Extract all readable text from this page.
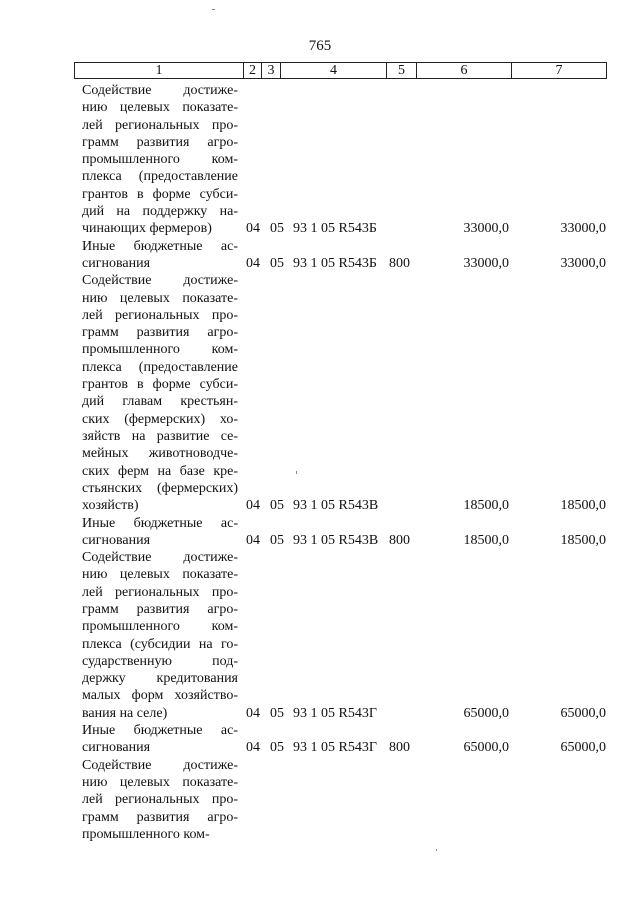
765
1	2 3	4	5	6	7
Содействие достиже-
нию целевых показате-
лей региональных про-
грамм развития агро-
промышленного ком-
плекса (предоставление
грантов в форме субси-
дий на поддержку на-
чинающих фермеров)	04 05 93 1 05 R543Б	33000,0	33000,0
Иные бюджетные ас-
сигнования	04 05 93 1 05 R543Б 800	33000,0	33000,0
Содействие достиже-
нию целевых показате-
лей региональных про-
грамм развития агро-
промышленного ком-
плекса (предоставление
грантов в форме субси-
дий главам крестьян-
ских (фермерских) хо-
зяйств на развитие се-
мейных животноводче-
ских ферм на базе кре-
стьянских (фермерских)
хозяйств)	04 05 93 1 05 R543В	18500,0	18500,0
Иные бюджетные ас-
сигнования	04 05 93 1 05 R543В 800	18500,0	18500,0
Содействие достиже-
нию целевых показате-
лей региональных про-
грамм развития агро-
промышленного ком-
плекса (субсидии на го-
сударственную под-
держку кредитования
малых форм хозяйство-
вания на селе)	04 05 93 1 05 R543Г	65000,0	65000,0
Иные бюджетные ас-
сигнования	04 05 93 1 05 R543Г 800	65000,0	65000,0
Содействие достиже-
нию целевых показате-
лей региональных про-
грамм развития агро-
промышленного ком-
